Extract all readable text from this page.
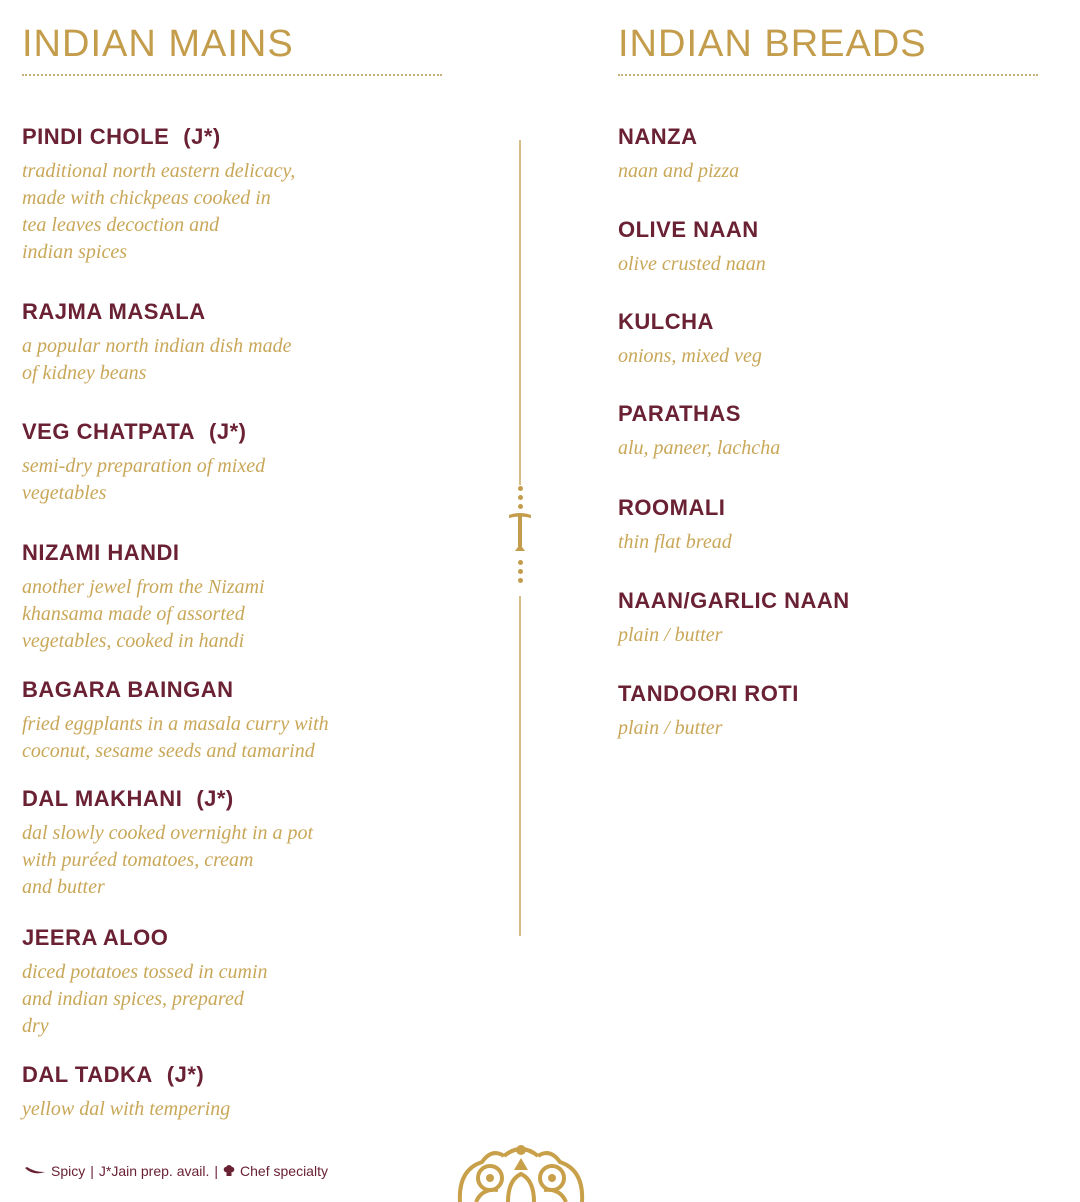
INDIAN MAINS	INDIAN BREADS
PINDI CHOLE (J*)
traditional north eastern delicacy,
made with chickpeas cooked in
tea leaves decoction and
indian spices
RAJMA MASALA
a popular north indian dish made
of kidney beans
VEG CHATPATA (J*)
semi-dry preparation of mixed
vegetables
NIZAMI HANDI
another jewel from the Nizami
khansama made of assorted
vegetables, cooked in handi
BAGARA BAINGAN
fried eggplants in a masala curry with
coconut, sesame seeds and tamarind
DAL MAKHANI (J*)
dal slowly cooked overnight in a pot
with puréed tomatoes, cream
and butter
JEERA ALOO
diced potatoes tossed in cumin
and indian spices, prepared
dry
DAL TADKA (J*)
yellow dal with tempering
NANZA
naan and pizza
OLIVE NAAN
olive crusted naan
KULCHA
onions, mixed veg
PARATHAS
alu, paneer, lachcha
ROOMALI
thin flat bread
NAAN/GARLIC NAAN
plain / butter
TANDOORI ROTI
plain / butter
Spicy | J*Jain prep. avail. | Chef specialty
